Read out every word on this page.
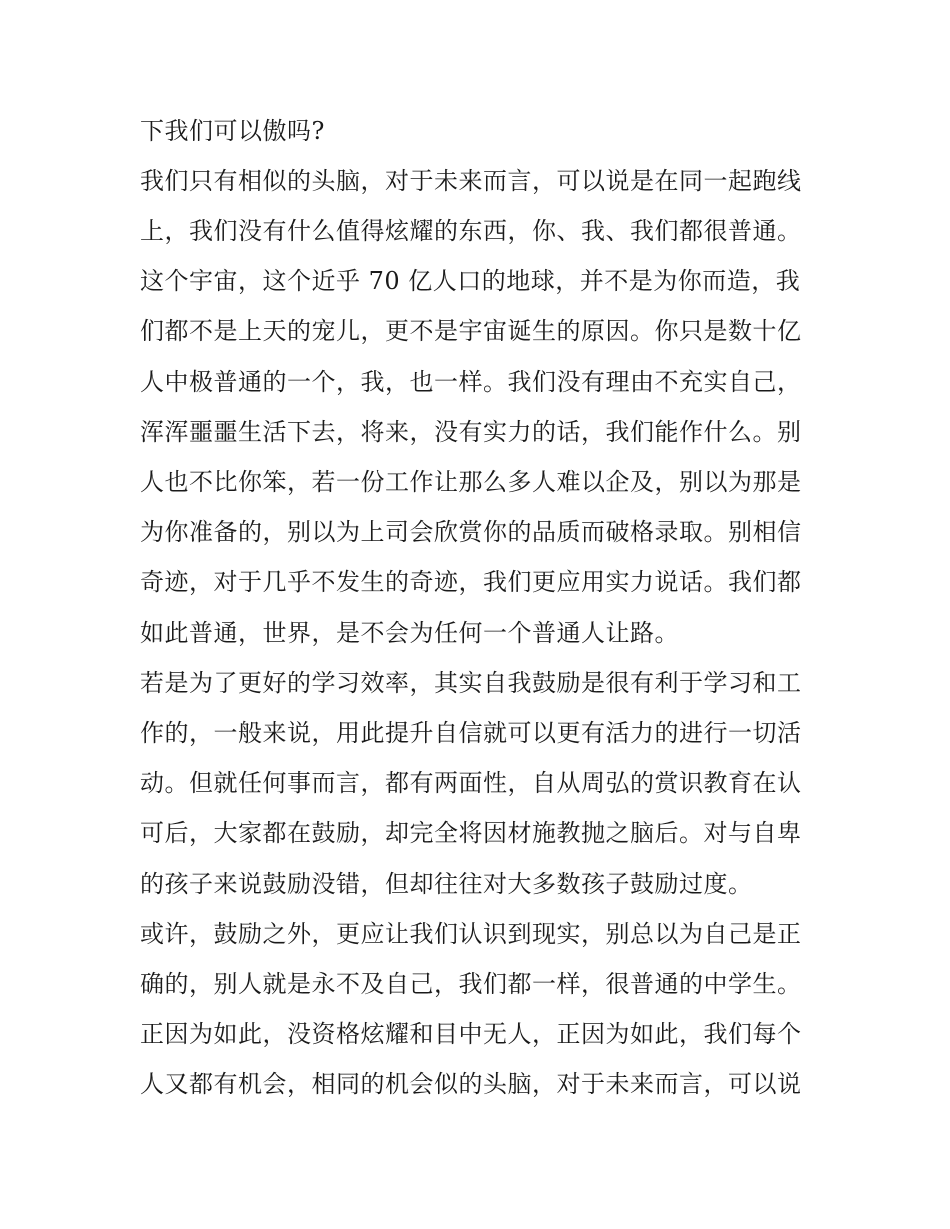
下我们可以傲吗?
我们只有相似的头脑，对于未来而言，可以说是在同一起跑线
上，我们没有什么值得炫耀的东西，你、我、我们都很普通。
这个宇宙，这个近乎 70 亿人口的地球，并不是为你而造，我
们都不是上天的宠儿，更不是宇宙诞生的原因。你只是数十亿
人中极普通的一个，我，也一样。我们没有理由不充实自己，
浑浑噩噩生活下去，将来，没有实力的话，我们能作什么。别
人也不比你笨，若一份工作让那么多人难以企及，别以为那是
为你准备的，别以为上司会欣赏你的品质而破格录取。别相信
奇迹，对于几乎不发生的奇迹，我们更应用实力说话。我们都
如此普通，世界，是不会为任何一个普通人让路。
若是为了更好的学习效率，其实自我鼓励是很有利于学习和工
作的，一般来说，用此提升自信就可以更有活力的进行一切活
动。但就任何事而言，都有两面性，自从周弘的赏识教育在认
可后，大家都在鼓励，却完全将因材施教抛之脑后。对与自卑
的孩子来说鼓励没错，但却往往对大多数孩子鼓励过度。
或许，鼓励之外，更应让我们认识到现实，别总以为自己是正
确的，别人就是永不及自己，我们都一样，很普通的中学生。
正因为如此，没资格炫耀和目中无人，正因为如此，我们每个
人又都有机会，相同的机会似的头脑，对于未来而言，可以说
